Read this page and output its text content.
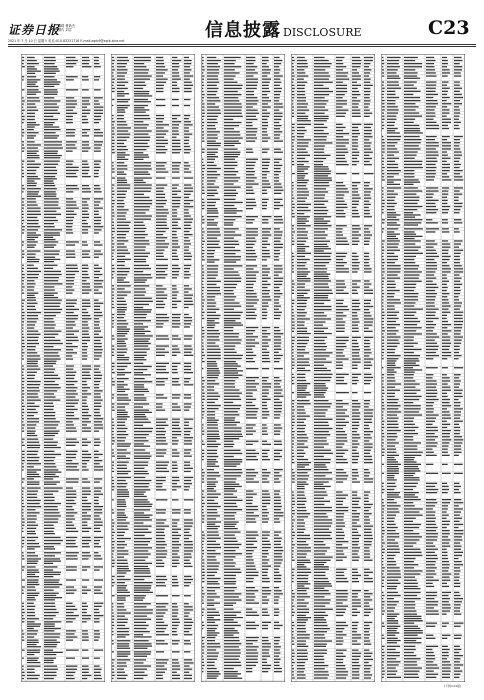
证券日报
编辑 曹新杰
制作 刘洋
2021 年 7 月 10 日 星期六 电话:010-83251716 E-mail:zqrb9@zqrb.sina.net	信息披露 DISCLOSURE	C23
(下转C24版)
